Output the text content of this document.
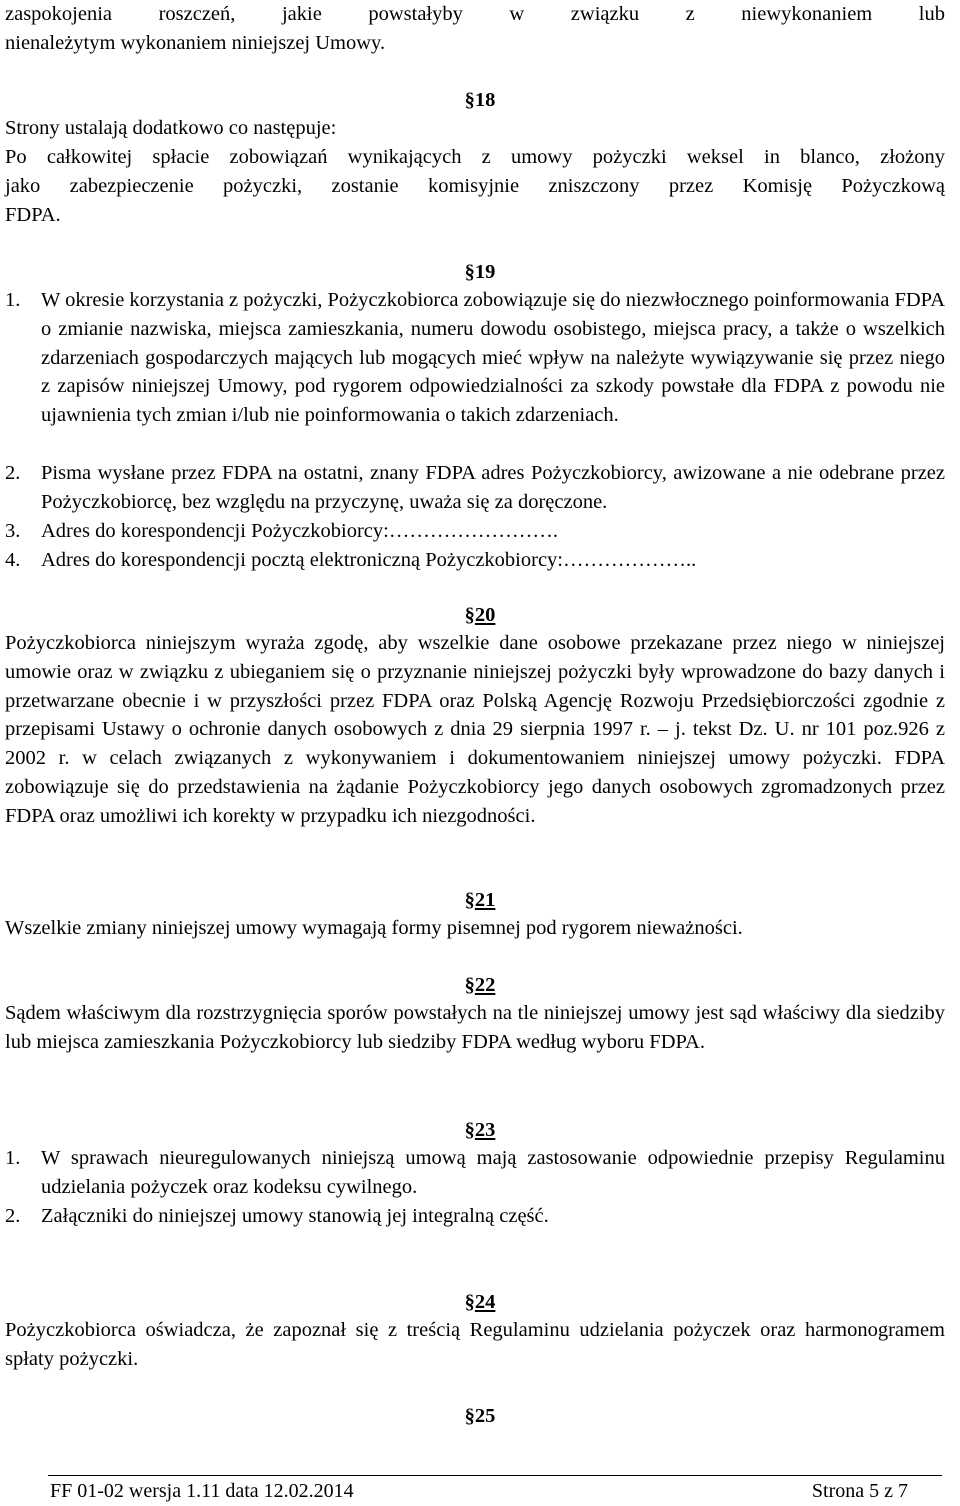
zaspokojenia roszczeń, jakie powstałyby w związku z niewykonaniem lub

nienależytym wykonaniem niniejszej Umowy.

§18

Strony ustalają dodatkowo co następuje:

Po całkowitej spłacie zobowiązań wynikających z umowy pożyczki weksel in blanco, złożony

jako zabezpieczenie pożyczki, zostanie komisyjnie zniszczony przez Komisję Pożyczkową

FDPA.

§19
1. W okresie korzystania z pożyczki, Pożyczkobiorca zobowiązuje się do niezwłocznego poinformowania FDPA o zmianie nazwiska, miejsca zamieszkania, numeru dowodu osobistego, miejsca pracy, a także o wszelkich zdarzeniach gospodarczych mających lub mogących mieć wpływ na należyte wywiązywanie się przez niego z zapisów niniejszej Umowy, pod rygorem odpowiedzialności za szkody powstałe dla FDPA z powodu nie ujawnienia tych zmian i/lub nie poinformowania o takich zdarzeniach.
2. Pisma wysłane przez FDPA na ostatni, znany FDPA adres Pożyczkobiorcy, awizowane a nie odebrane przez Pożyczkobiorcę, bez względu na przyczynę, uważa się za doręczone.
3. Adres do korespondencji Pożyczkobiorcy:…………………….
4. Adres do korespondencji pocztą elektroniczną Pożyczkobiorcy:………………..
§20

Pożyczkobiorca niniejszym wyraża zgodę, aby wszelkie dane osobowe przekazane przez niego w niniejszej umowie oraz w związku z ubieganiem się o przyznanie niniejszej pożyczki były wprowadzone do bazy danych i przetwarzane obecnie i w przyszłości przez FDPA oraz Polską Agencję Rozwoju Przedsiębiorczości zgodnie z przepisami Ustawy o ochronie danych osobowych z dnia 29 sierpnia 1997 r. – j. tekst Dz. U. nr 101 poz.926 z 2002 r. w celach związanych z wykonywaniem i dokumentowaniem niniejszej umowy pożyczki. FDPA zobowiązuje się do przedstawienia na żądanie Pożyczkobiorcy jego danych osobowych zgromadzonych przez FDPA oraz umożliwi ich korekty w przypadku ich niezgodności.

§21

Wszelkie zmiany niniejszej umowy wymagają formy pisemnej pod rygorem nieważności.

§22

Sądem właściwym dla rozstrzygnięcia sporów powstałych na tle niniejszej umowy jest sąd właściwy dla siedziby lub miejsca zamieszkania Pożyczkobiorcy lub siedziby FDPA według wyboru FDPA.

§23
1. W sprawach nieuregulowanych niniejszą umową mają zastosowanie odpowiednie przepisy Regulaminu udzielania pożyczek oraz kodeksu cywilnego.
2. Załączniki do niniejszej umowy stanowią jej integralną część.
§24

Pożyczkobiorca oświadcza, że zapoznał się z treścią Regulaminu udzielania pożyczek oraz harmonogramem spłaty pożyczki.

§25
FF 01-02 wersja 1.11 data 12.02.2014	Strona 5 z 7
